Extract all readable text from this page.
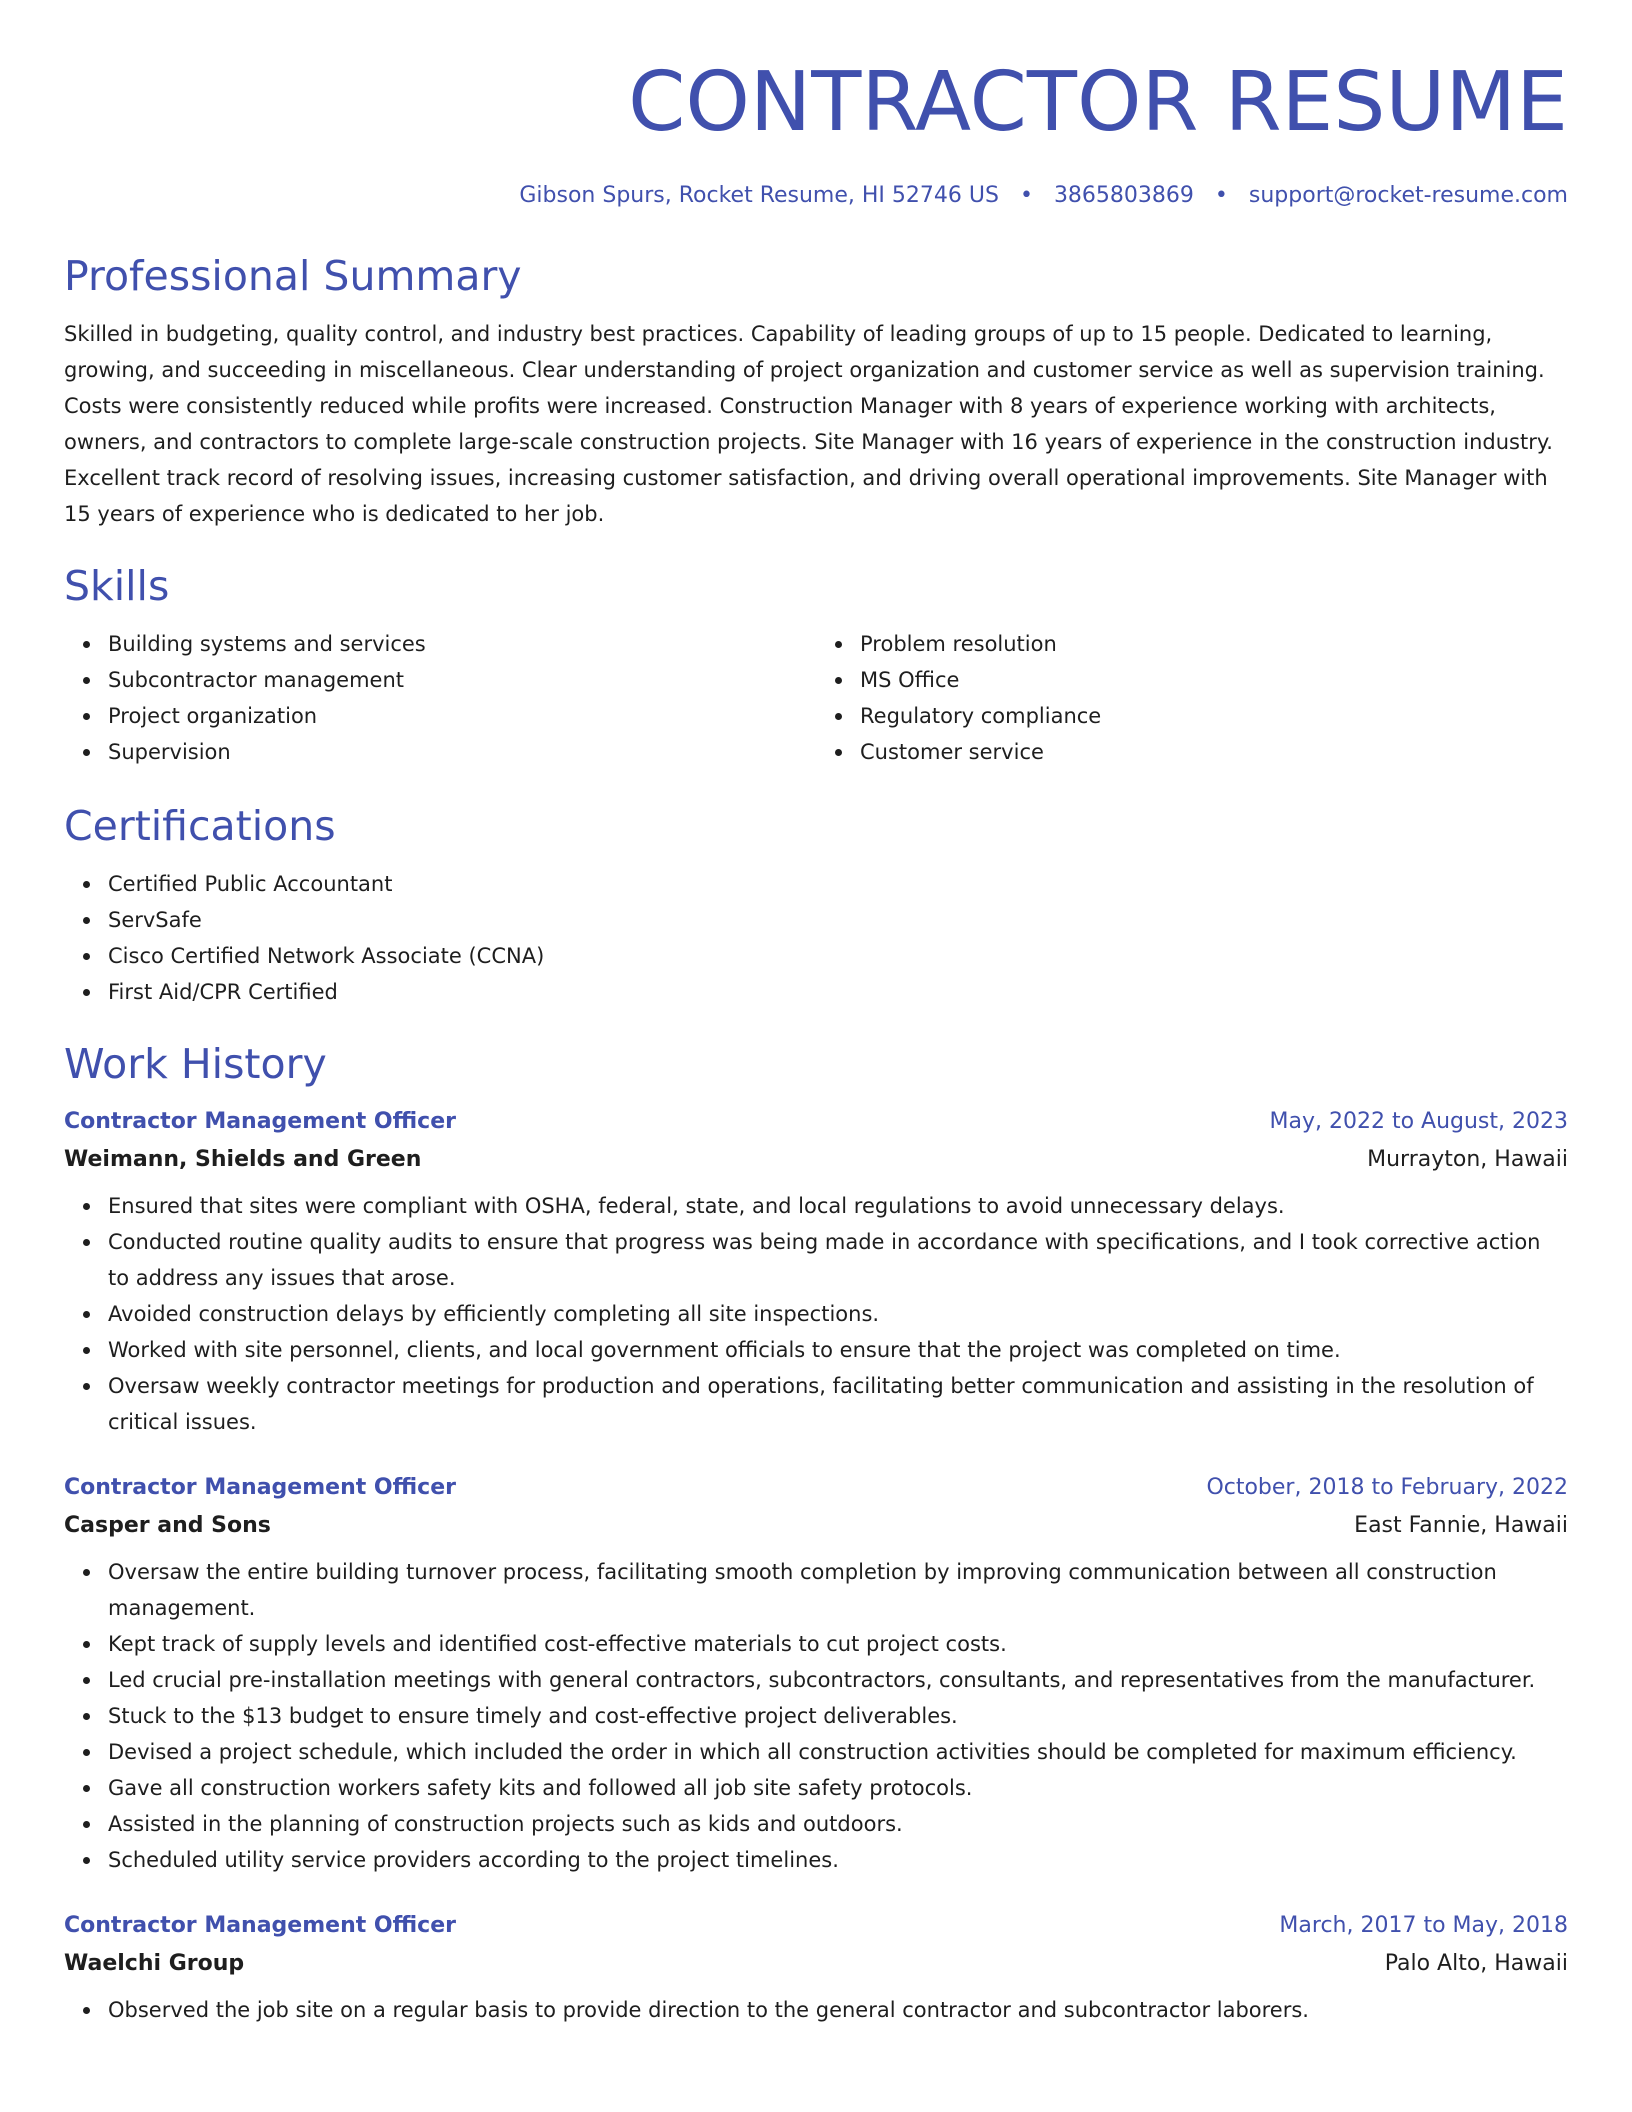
CONTRACTOR RESUME
Gibson Spurs, Rocket Resume, HI 52746 US • 3865803869 • support@rocket-resume.com
Professional Summary
Skilled in budgeting, quality control, and industry best practices. Capability of leading groups of up to 15 people. Dedicated to learning, growing, and succeeding in miscellaneous. Clear understanding of project organization and customer service as well as supervision training. Costs were consistently reduced while profits were increased. Construction Manager with 8 years of experience working with architects, owners, and contractors to complete large-scale construction projects. Site Manager with 16 years of experience in the construction industry. Excellent track record of resolving issues, increasing customer satisfaction, and driving overall operational improvements. Site Manager with 15 years of experience who is dedicated to her job.
Skills
Building systems and services
Subcontractor management
Project organization
Supervision
Problem resolution
MS Office
Regulatory compliance
Customer service
Certifications
Certified Public Accountant
ServSafe
Cisco Certified Network Associate (CCNA)
First Aid/CPR Certified
Work History
Contractor Management Officer	May, 2022 to August, 2023
Weimann, Shields and Green	Murrayton, Hawaii
Ensured that sites were compliant with OSHA, federal, state, and local regulations to avoid unnecessary delays.
Conducted routine quality audits to ensure that progress was being made in accordance with specifications, and I took corrective action to address any issues that arose.
Avoided construction delays by efficiently completing all site inspections.
Worked with site personnel, clients, and local government officials to ensure that the project was completed on time.
Oversaw weekly contractor meetings for production and operations, facilitating better communication and assisting in the resolution of critical issues.
Contractor Management Officer	October, 2018 to February, 2022
Casper and Sons	East Fannie, Hawaii
Oversaw the entire building turnover process, facilitating smooth completion by improving communication between all construction management.
Kept track of supply levels and identified cost-effective materials to cut project costs.
Led crucial pre-installation meetings with general contractors, subcontractors, consultants, and representatives from the manufacturer.
Stuck to the $13 budget to ensure timely and cost-effective project deliverables.
Devised a project schedule, which included the order in which all construction activities should be completed for maximum efficiency.
Gave all construction workers safety kits and followed all job site safety protocols.
Assisted in the planning of construction projects such as kids and outdoors.
Scheduled utility service providers according to the project timelines.
Contractor Management Officer	March, 2017 to May, 2018
Waelchi Group	Palo Alto, Hawaii
Observed the job site on a regular basis to provide direction to the general contractor and subcontractor laborers.
